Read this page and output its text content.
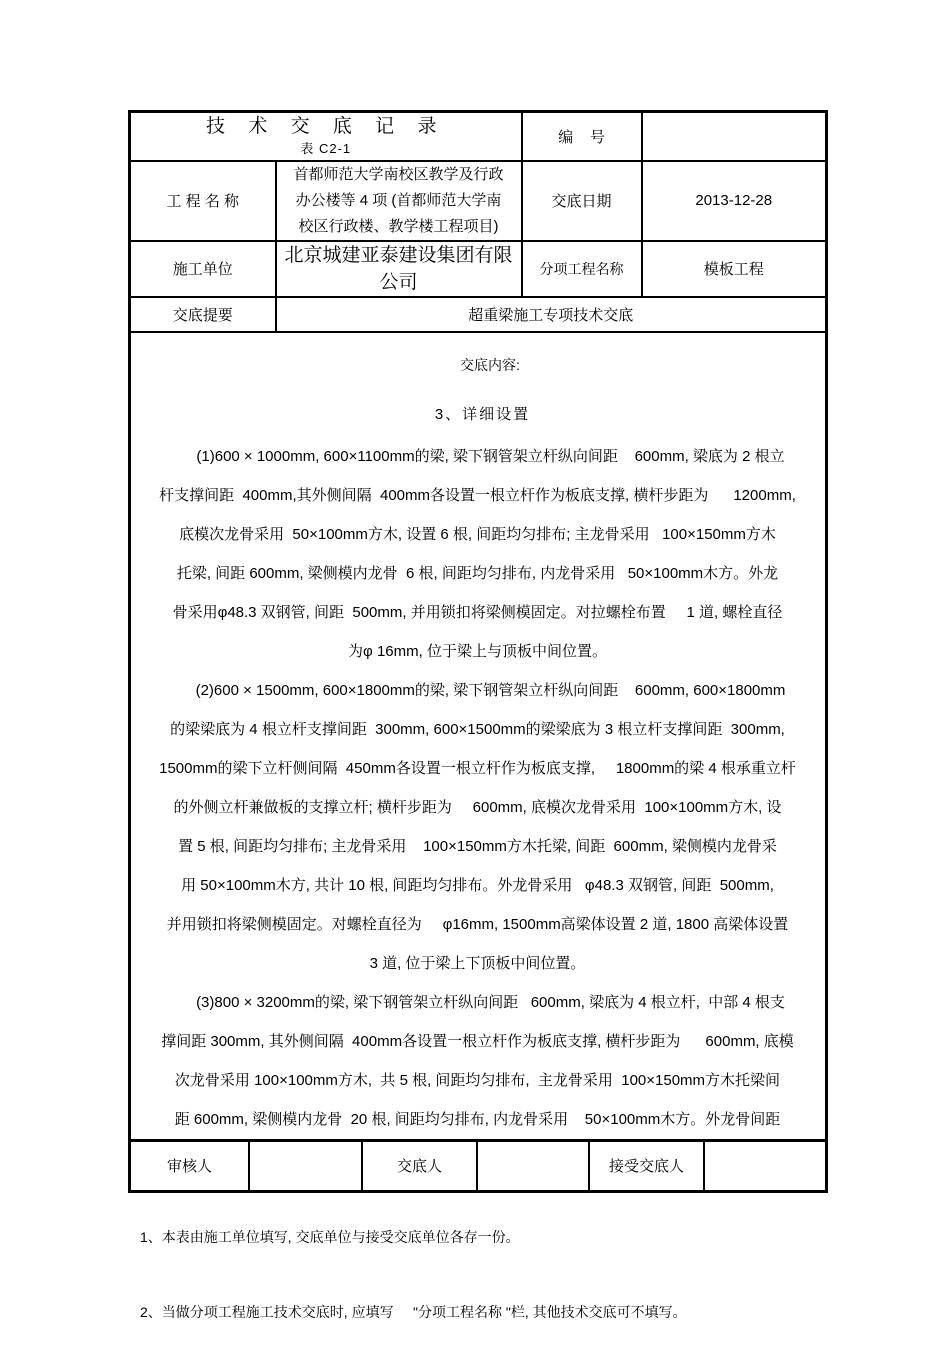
技 术 交 底 记 录
表 C2-1		编    号	
工 程 名 称	首都师范大学南校区教学及行政
办公楼等 4 项 (首都师范大学南
校区行政楼、教学楼工程项目)	交底日期	2013-12-28
施工单位	北京城建亚泰建设集团有限
公司	分项工程名称	模板工程
交底提要	超重梁施工专项技术交底		

交底内容:
3、详细设置
(1)600 × 1000mm, 600×1100mm的梁, 梁下钢管架立杆纵向间距    600mm, 梁底为 2 根立
杆支撑间距  400mm,其外侧间隔  400mm各设置一根立杆作为板底支撑, 横杆步距为      1200mm,
底模次龙骨采用  50×100mm方木, 设置 6 根, 间距均匀排布; 主龙骨采用   100×150mm方木
托梁, 间距 600mm, 梁侧模内龙骨  6 根, 间距均匀排布, 内龙骨采用   50×100mm木方。外龙
骨采用φ48.3 双钢管, 间距  500mm, 并用锁扣将梁侧模固定。对拉螺栓布置     1 道, 螺栓直径
为φ 16mm, 位于梁上与顶板中间位置。
(2)600 × 1500mm, 600×1800mm的梁, 梁下钢管架立杆纵向间距    600mm, 600×1800mm
的梁梁底为 4 根立杆支撑间距  300mm, 600×1500mm的梁梁底为 3 根立杆支撑间距  300mm,
1500mm的梁下立杆侧间隔  450mm各设置一根立杆作为板底支撑,     1800mm的梁 4 根承重立杆
的外侧立杆兼做板的支撑立杆; 横杆步距为     600mm, 底模次龙骨采用  100×100mm方木, 设
置 5 根, 间距均匀排布; 主龙骨采用    100×150mm方木托梁, 间距  600mm, 梁侧模内龙骨采
用 50×100mm木方, 共计 10 根, 间距均匀排布。外龙骨采用   φ48.3 双钢管, 间距  500mm,
并用锁扣将梁侧模固定。对螺栓直径为     φ16mm, 1500mm高梁体设置 2 道, 1800 高梁体设置
3 道, 位于梁上下顶板中间位置。
(3)800 × 3200mm的梁, 梁下钢管架立杆纵向间距   600mm, 梁底为 4 根立杆,  中部 4 根支
撑间距 300mm, 其外侧间隔  400mm各设置一根立杆作为板底支撑, 横杆步距为      600mm, 底模
次龙骨采用 100×100mm方木,  共 5 根, 间距均匀排布,  主龙骨采用  100×150mm方木托梁间
距 600mm, 梁侧模内龙骨  20 根, 间距均匀排布, 内龙骨采用    50×100mm木方。外龙骨间距

审核人 交底人 接受交底人			

1、本表由施工单位填写, 交底单位与接受交底单位各存一份。

2、当做分项工程施工技术交底时, 应填写     "分项工程名称 "栏, 其他技术交底可不填写。
